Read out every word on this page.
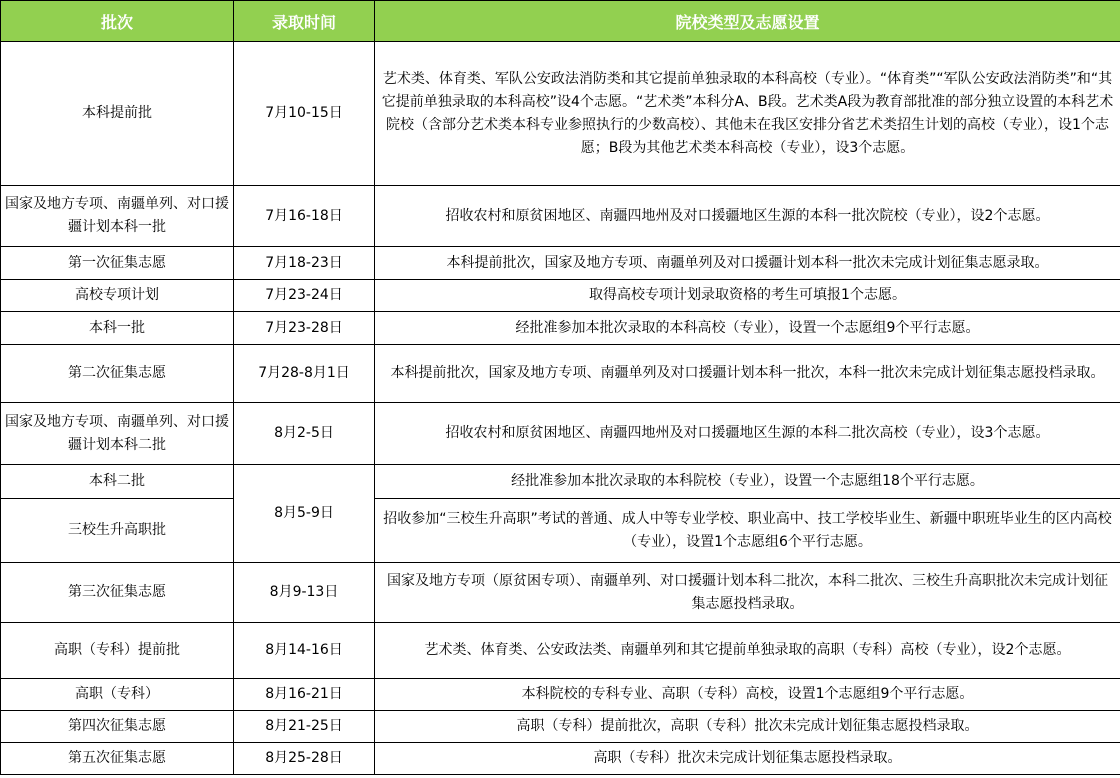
批次	录取时间	院校类型及志愿设置
本科提前批	7月10-15日	艺术类、体育类、军队公安政法消防类和其它提前单独录取的本科高校（专业）。“体育类”“军队公安政法消防类”和“其它提前单独录取的本科高校”设4个志愿。“艺术类”本科分A、B段。艺术类A段为教育部批准的部分独立设置的本科艺术院校（含部分艺术类本科专业参照执行的少数高校）、其他未在我区安排分省艺术类招生计划的高校（专业），设1个志愿；B段为其他艺术类本科高校（专业），设3个志愿。
国家及地方专项、南疆单列、对口援疆计划本科一批	7月16-18日	招收农村和原贫困地区、南疆四地州及对口援疆地区生源的本科一批次院校（专业），设2个志愿。
第一次征集志愿	7月18-23日	本科提前批次，国家及地方专项、南疆单列及对口援疆计划本科一批次未完成计划征集志愿录取。
高校专项计划	7月23-24日	取得高校专项计划录取资格的考生可填报1个志愿。
本科一批	7月23-28日	经批准参加本批次录取的本科高校（专业），设置一个志愿组9个平行志愿。
第二次征集志愿	7月28-8月1日	本科提前批次，国家及地方专项、南疆单列及对口援疆计划本科一批次，本科一批次未完成计划征集志愿投档录取。
国家及地方专项、南疆单列、对口援疆计划本科二批	8月2-5日	招收农村和原贫困地区、南疆四地州及对口援疆地区生源的本科二批次高校（专业），设3个志愿。
本科二批	8月5-9日	经批准参加本批次录取的本科院校（专业），设置一个志愿组18个平行志愿。
三校生升高职批		招收参加“三校生升高职”考试的普通、成人中等专业学校、职业高中、技工学校毕业生、新疆中职班毕业生的区内高校（专业），设置1个志愿组6个平行志愿。
第三次征集志愿	8月9-13日	国家及地方专项（原贫困专项）、南疆单列、对口援疆计划本科二批次，本科二批次、三校生升高职批次未完成计划征集志愿投档录取。
高职（专科）提前批	8月14-16日	艺术类、体育类、公安政法类、南疆单列和其它提前单独录取的高职（专科）高校（专业），设2个志愿。
高职（专科）	8月16-21日	本科院校的专科专业、高职（专科）高校，设置1个志愿组9个平行志愿。
第四次征集志愿	8月21-25日	高职（专科）提前批次，高职（专科）批次未完成计划征集志愿投档录取。
第五次征集志愿	8月25-28日	高职（专科）批次未完成计划征集志愿投档录取。
